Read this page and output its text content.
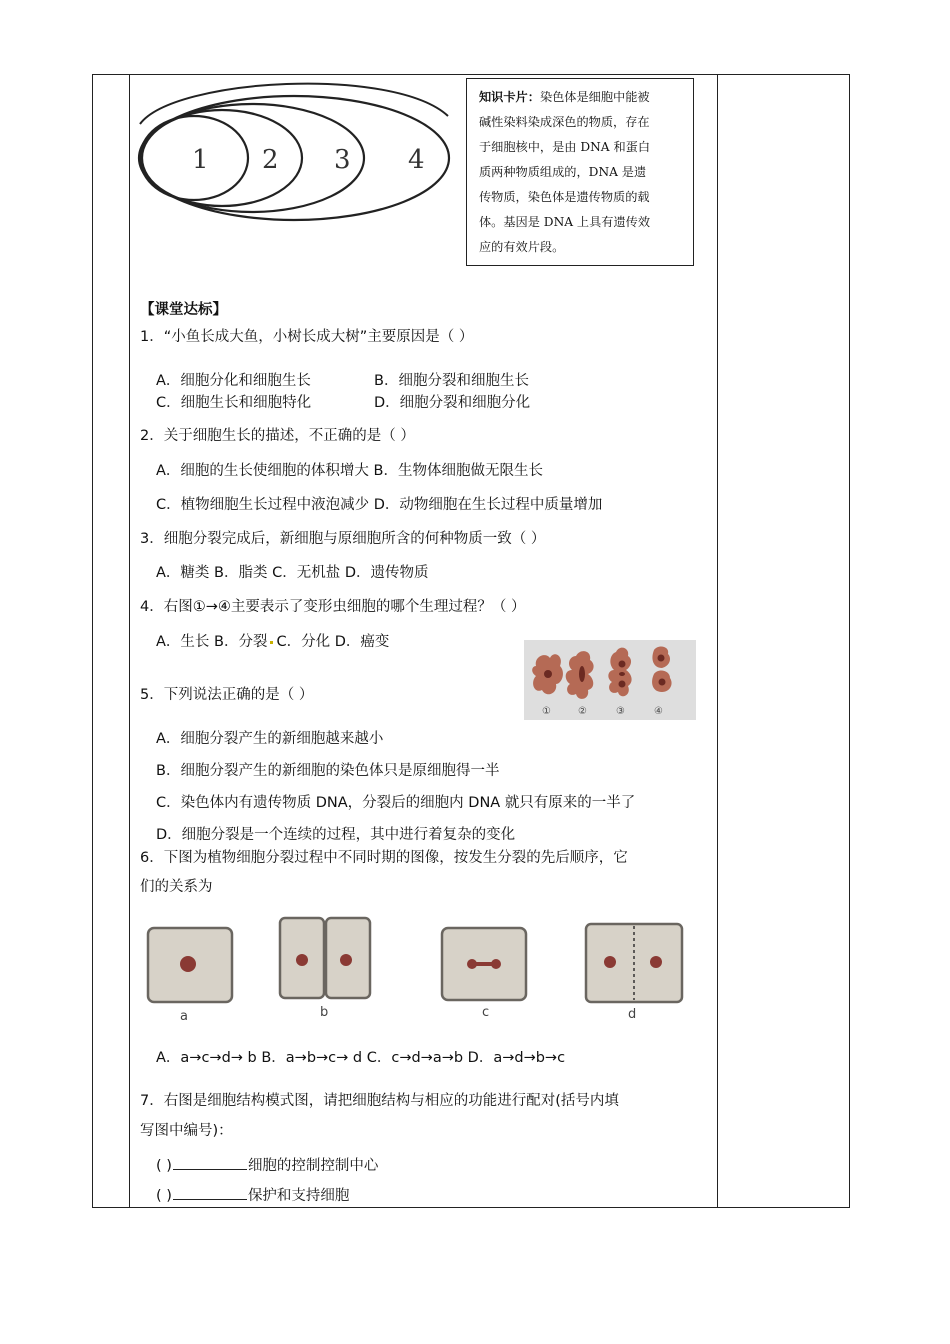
1 2 3 4
知识卡片：染色体是细胞中能被
碱性染料染成深色的物质，存在
于细胞核中，是由 DNA 和蛋白
质两种物质组成的，DNA 是遗
传物质，染色体是遗传物质的载
体。基因是 DNA 上具有遗传效
应的有效片段。
【课堂达标】
1．“小鱼长成大鱼，小树长成大树”主要原因是（ ）
A．细胞分化和细胞生长	B．细胞分裂和细胞生长
C．细胞生长和细胞特化	D．细胞分裂和细胞分化
2．关于细胞生长的描述，不正确的是（ ）
A．细胞的生长使细胞的体积增大 B．生物体细胞做无限生长
C．植物细胞生长过程中液泡减少 D．动物细胞在生长过程中质量增加
3．细胞分裂完成后，新细胞与原细胞所含的何种物质一致（ ）
A．糖类 B．脂类 C．无机盐 D．遗传物质
4．右图①→④主要表示了变形虫细胞的哪个生理过程？（ ）
A．生长 B．分裂 C．分化 D．癌变
①	②	③	④
5．下列说法正确的是（ ）
A．细胞分裂产生的新细胞越来越小
B．细胞分裂产生的新细胞的染色体只是原细胞得一半
C．染色体内有遗传物质 DNA，分裂后的细胞内 DNA 就只有原来的一半了
D．细胞分裂是一个连续的过程，其中进行着复杂的变化
6．下图为植物细胞分裂过程中不同时期的图像，按发生分裂的先后顺序，它
们的关系为
a	b	c	d
A．a→c→d→ b B．a→b→c→ d C．c→d→a→b D．a→d→b→c
7．右图是细胞结构模式图，请把细胞结构与相应的功能进行配对(括号内填
写图中编号)：
( )	细胞的控制控制中心
( )	保护和支持细胞
